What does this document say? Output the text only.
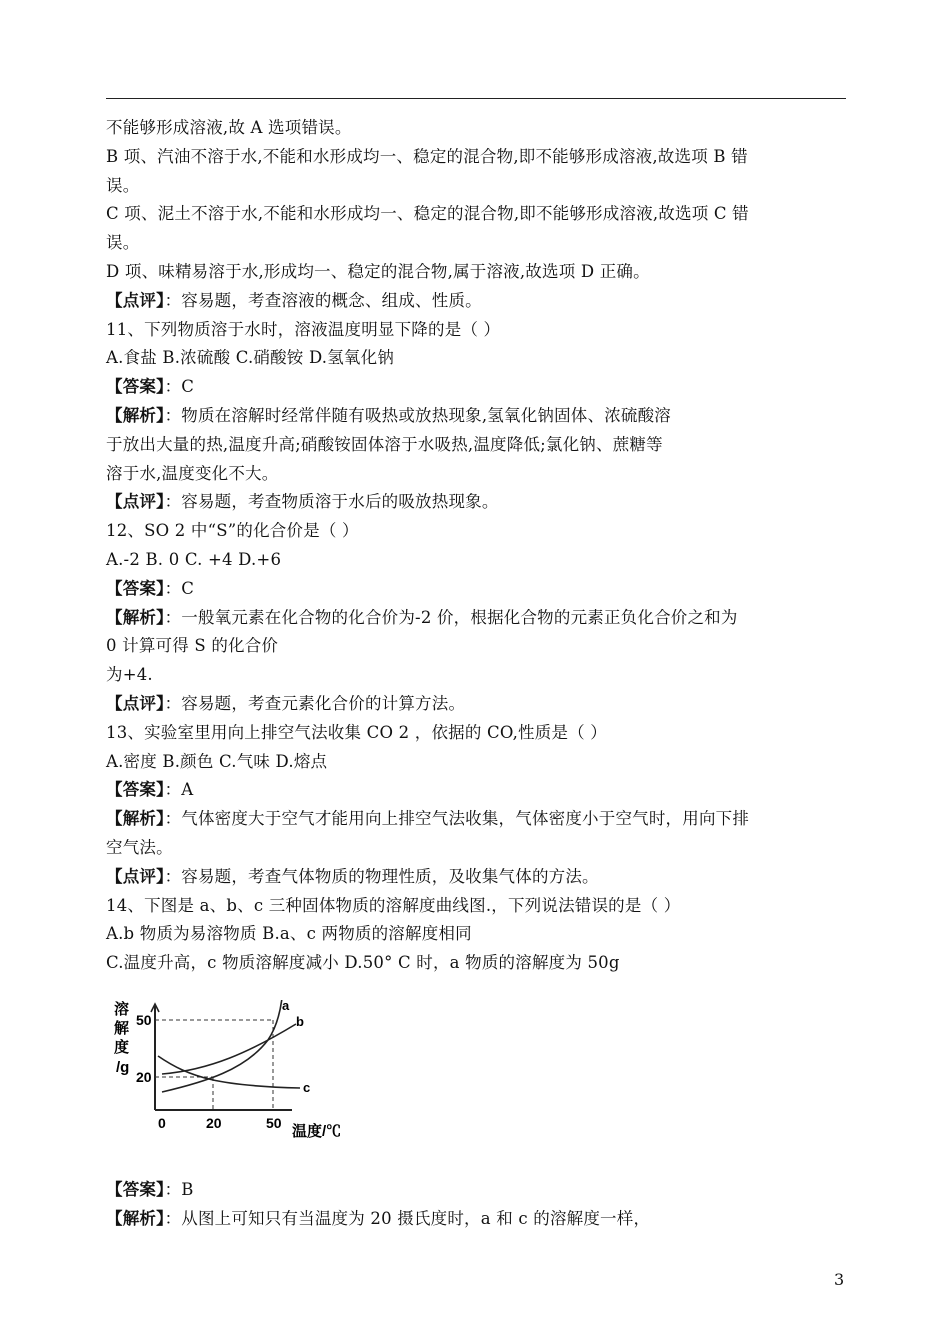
不能够形成溶液,故 A 选项错误。
B 项、汽油不溶于水,不能和水形成均一、稳定的混合物,即不能够形成溶液,故选项 B 错
误。
C 项、泥土不溶于水,不能和水形成均一、稳定的混合物,即不能够形成溶液,故选项 C 错
误。
D 项、味精易溶于水,形成均一、稳定的混合物,属于溶液,故选项 D 正确。
【点评】：容易题，考查溶液的概念、组成、性质。
11、下列物质溶于水时，溶液温度明显下降的是（ ）
A.食盐 B.浓硫酸 C.硝酸铵 D.氢氧化钠
【答案】：C
【解析】：物质在溶解时经常伴随有吸热或放热现象,氢氧化钠固体、浓硫酸溶
于放出大量的热,温度升高;硝酸铵固体溶于水吸热,温度降低;氯化钠、蔗糖等
溶于水,温度变化不大。
【点评】：容易题，考查物质溶于水后的吸放热现象。
12、SO 2 中“S”的化合价是（ ）
A.-2 B. 0 C. +4 D.+6
【答案】：C
【解析】：一般氧元素在化合物的化合价为-2 价，根据化合物的元素正负化合价之和为
0 计算可得 S 的化合价
为+4.
【点评】：容易题，考查元素化合价的计算方法。
13、实验室里用向上排空气法收集 CO 2 ，依据的 CO,性质是（ ）
A.密度 B.颜色 C.气味 D.熔点
【答案】：A
【解析】：气体密度大于空气才能用向上排空气法收集，气体密度小于空气时，用向下排
空气法。
【点评】：容易题，考查气体物质的物理性质，及收集气体的方法。
14、下图是 a、b、c 三种固体物质的溶解度曲线图.，下列说法错误的是（ ）
A.b 物质为易溶物质 B.a、c 两物质的溶解度相同
C.温度升高，c 物质溶解度减小 D.50° C 时，a 物质的溶解度为 50g
溶
解
度
/g
50
20
0	20	50 温度/℃
a
b
c
【答案】：B
【解析】：从图上可知只有当温度为 20 摄氏度时，a 和 c 的溶解度一样，
3
